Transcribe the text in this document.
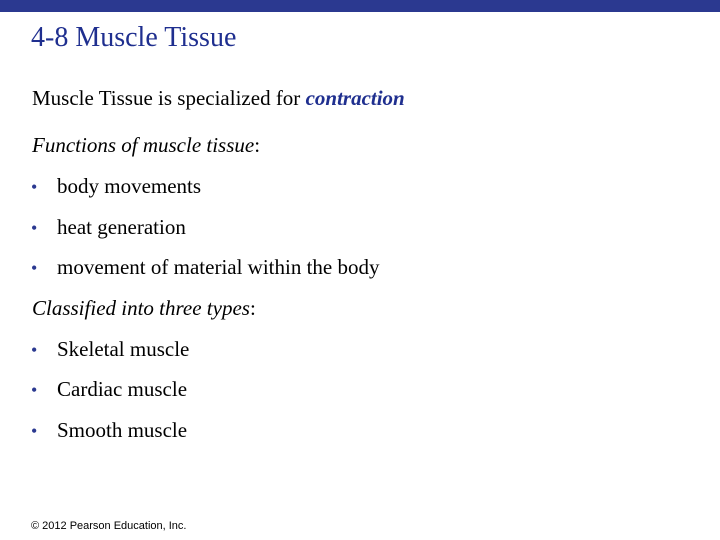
4-8 Muscle Tissue
Muscle Tissue is specialized for contraction
Functions of muscle tissue:
• body movements
• heat generation
• movement of material within the body
Classified into three types:
• Skeletal muscle
• Cardiac muscle
• Smooth muscle
© 2012 Pearson Education, Inc.
